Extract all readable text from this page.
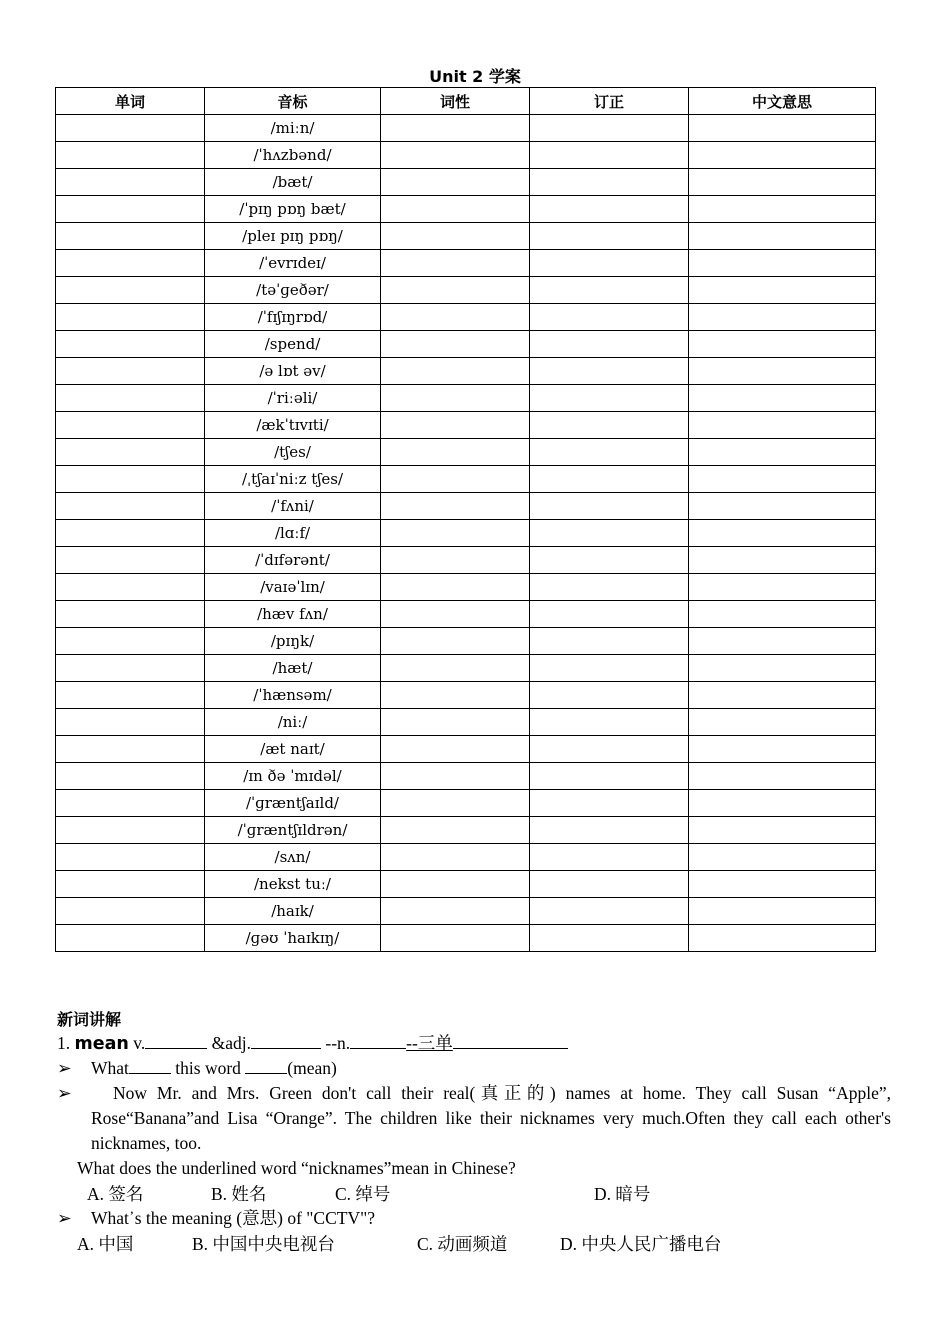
Unit 2 学案
单词	音标	词性	订正	中文意思
	/miːn/			
	/ˈhʌzbənd/			
	/bæt/			
	/ˈpɪŋ pɒŋ bæt/			
	/pleɪ pɪŋ pɒŋ/			
	/ˈevrɪdeɪ/			
	/təˈɡeðər/			
	/ˈfɪʃɪŋrɒd/			
	/spend/			
	/ə lɒt əv/			
	/ˈriːəli/			
	/ækˈtɪvɪti/			
	/tʃes/			
	/ˌtʃaɪˈniːz tʃes/			
	/ˈfʌni/			
	/lɑːf/			
	/ˈdɪfərənt/			
	/vaɪəˈlɪn/			
	/hæv fʌn/			
	/pɪŋk/			
	/hæt/			
	/ˈhænsəm/			
	/niː/			
	/æt naɪt/			
	/ɪn ðə ˈmɪdəl/			
	/ˈɡræntʃaɪld/			
	/ˈɡræntʃɪldrən/			
	/sʌn/			
	/nekst tuː/			
	/haɪk/			
	/ɡəʊ ˈhaɪkɪŋ/			
新词讲解
1. mean v.	&adj.	--n.	--三单
➢ What	this word	(mean)
➢	Now Mr. and Mrs. Green don't call their real(真正的) names at home. They call Susan “Apple”, Rose“Banana”and Lisa “Orange”. The children like their nicknames very much.Often they call each other's nicknames, too.
What does the underlined word “nicknames”mean in Chinese?
A. 签名	B. 姓名	C. 绰号	D. 暗号
➢ What᾽s the meaning (意思) of "CCTV"?
A. 中国	B. 中国中央电视台	C. 动画频道	D. 中央人民广播电台
